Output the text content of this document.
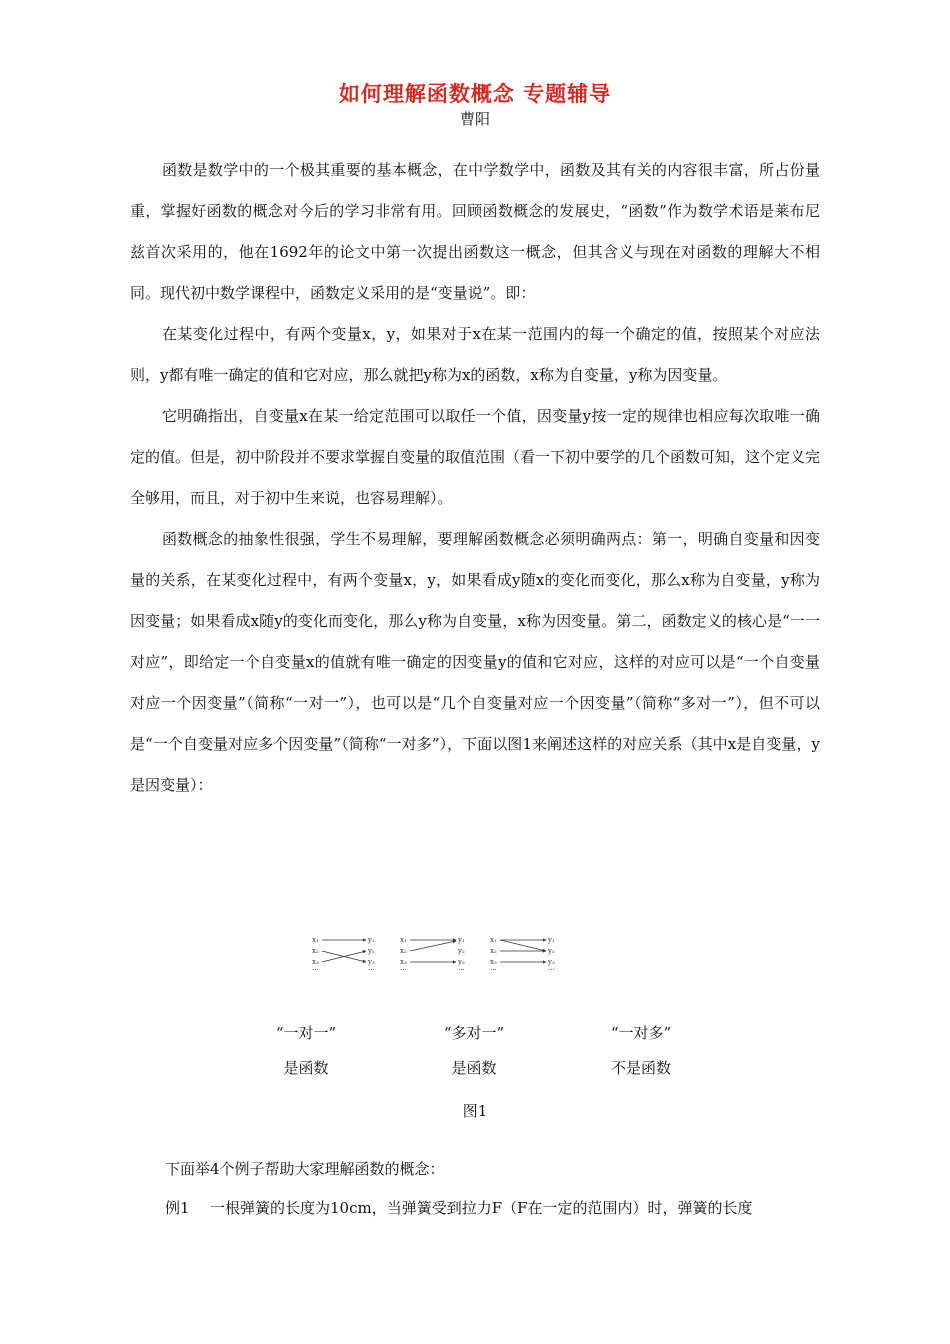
如何理解函数概念 专题辅导
曹阳

函数是数学中的一个极其重要的基本概念，在中学数学中，函数及其有关的内容很丰富，所占份量重，掌握好函数的概念对今后的学习非常有用。回顾函数概念的发展史，“函数”作为数学术语是莱布尼兹首次采用的，他在1692年的论文中第一次提出函数这一概念，但其含义与现在对函数的理解大不相同。现代初中数学课程中，函数定义采用的是“变量说”。即：

在某变化过程中，有两个变量x，y，如果对于x在某一范围内的每一个确定的值，按照某个对应法则，y都有唯一确定的值和它对应，那么就把y称为x的函数，x称为自变量，y称为因变量。

它明确指出，自变量x在某一给定范围可以取任一个值，因变量y按一定的规律也相应每次取唯一确定的值。但是，初中阶段并不要求掌握自变量的取值范围（看一下初中要学的几个函数可知，这个定义完全够用，而且，对于初中生来说，也容易理解）。

函数概念的抽象性很强，学生不易理解，要理解函数概念必须明确两点：第一，明确自变量和因变量的关系，在某变化过程中，有两个变量x，y，如果看成y随x的变化而变化，那么x称为自变量，y称为因变量；如果看成x随y的变化而变化，那么y称为自变量，x称为因变量。第二，函数定义的核心是“一一对应”，即给定一个自变量x的值就有唯一确定的因变量y的值和它对应，这样的对应可以是“一个自变量对应一个因变量”（简称“一对一”），也可以是“几个自变量对应一个因变量”（简称“多对一”），但不可以是“一个自变量对应多个因变量”（简称“一对多”），下面以图1来阐述这样的对应关系（其中x是自变量，y是因变量）：

x₁
x₂
x₃
···
y₁
y₂
y₃
···
x₁
x₂
x₃
···
y₁
y₂
y₃
···
x₁
x₂
x₃
···
y₁
y₂
y₃
···
“一对一”
是函数
“多对一”
是函数
“一对多”
不是函数
图1
下面举4个例子帮助大家理解函数的概念：
例1 一根弹簧的长度为10cm，当弹簧受到拉力F（F在一定的范围内）时，弹簧的长度
